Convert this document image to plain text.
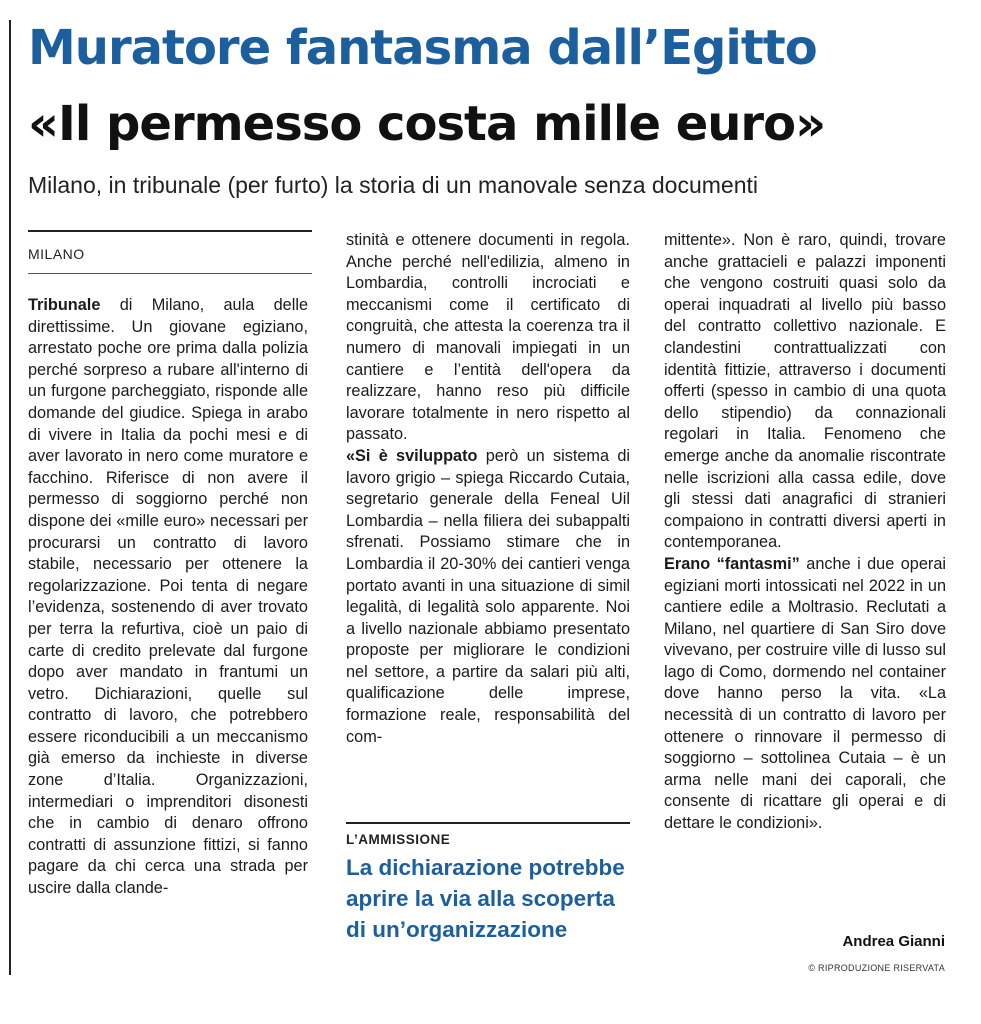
Muratore fantasma dall’Egitto
«Il permesso costa mille euro»
Milano, in tribunale (per furto) la storia di un manovale senza documenti
MILANO

Tribunale di Milano, aula delle direttissime. Un giovane egiziano, arrestato poche ore prima dalla polizia perché sorpreso a rubare all'interno di un furgone parcheggiato, risponde alle domande del giudice. Spiega in arabo di vivere in Italia da pochi mesi e di aver lavorato in nero come muratore e facchino. Riferisce di non avere il permesso di soggiorno perché non dispone dei «mille euro» necessari per procurarsi un contratto di lavoro stabile, necessario per ottenere la regolarizzazione. Poi tenta di negare l’evidenza, sostenendo di aver trovato per terra la refurtiva, cioè un paio di carte di credito prelevate dal furgone dopo aver mandato in frantumi un vetro. Dichiarazioni, quelle sul contratto di lavoro, che potrebbero essere riconducibili a un meccanismo già emerso da inchieste in diverse zone d’Italia. Organizzazioni, intermediari o imprenditori disonesti che in cambio di denaro offrono contratti di assunzione fittizi, si fanno pagare da chi cerca una strada per uscire dalla clande-

stinità e ottenere documenti in regola. Anche perché nell'edilizia, almeno in Lombardia, controlli incrociati e meccanismi come il certificato di congruità, che attesta la coerenza tra il numero di manovali impiegati in un cantiere e l’entità dell'opera da realizzare, hanno reso più difficile lavorare totalmente in nero rispetto al passato.

«Si è sviluppato però un sistema di lavoro grigio – spiega Riccardo Cutaia, segretario generale della Feneal Uil Lombardia – nella filiera dei subappalti sfrenati. Possiamo stimare che in Lombardia il 20-30% dei cantieri venga portato avanti in una situazione di simil legalità, di legalità solo apparente. Noi a livello nazionale abbiamo presentato proposte per migliorare le condizioni nel settore, a partire da salari più alti, qualificazione delle imprese, formazione reale, responsabilità del com-

L’AMMISSIONE
La dichiarazione potrebbe aprire la via alla scoperta di un’organizzazione

mittente». Non è raro, quindi, trovare anche grattacieli e palazzi imponenti che vengono costruiti quasi solo da operai inquadrati al livello più basso del contratto collettivo nazionale. E clandestini contrattualizzati con identità fittizie, attraverso i documenti offerti (spesso in cambio di una quota dello stipendio) da connazionali regolari in Italia. Fenomeno che emerge anche da anomalie riscontrate nelle iscrizioni alla cassa edile, dove gli stessi dati anagrafici di stranieri compaiono in contratti diversi aperti in contemporanea.

Erano “fantasmi” anche i due operai egiziani morti intossicati nel 2022 in un cantiere edile a Moltrasio. Reclutati a Milano, nel quartiere di San Siro dove vivevano, per costruire ville di lusso sul lago di Como, dormendo nel container dove hanno perso la vita. «La necessità di un contratto di lavoro per ottenere o rinnovare il permesso di soggiorno – sottolinea Cutaia – è un arma nelle mani dei caporali, che consente di ricattare gli operai e di dettare le condizioni».

Andrea Gianni
© RIPRODUZIONE RISERVATA
